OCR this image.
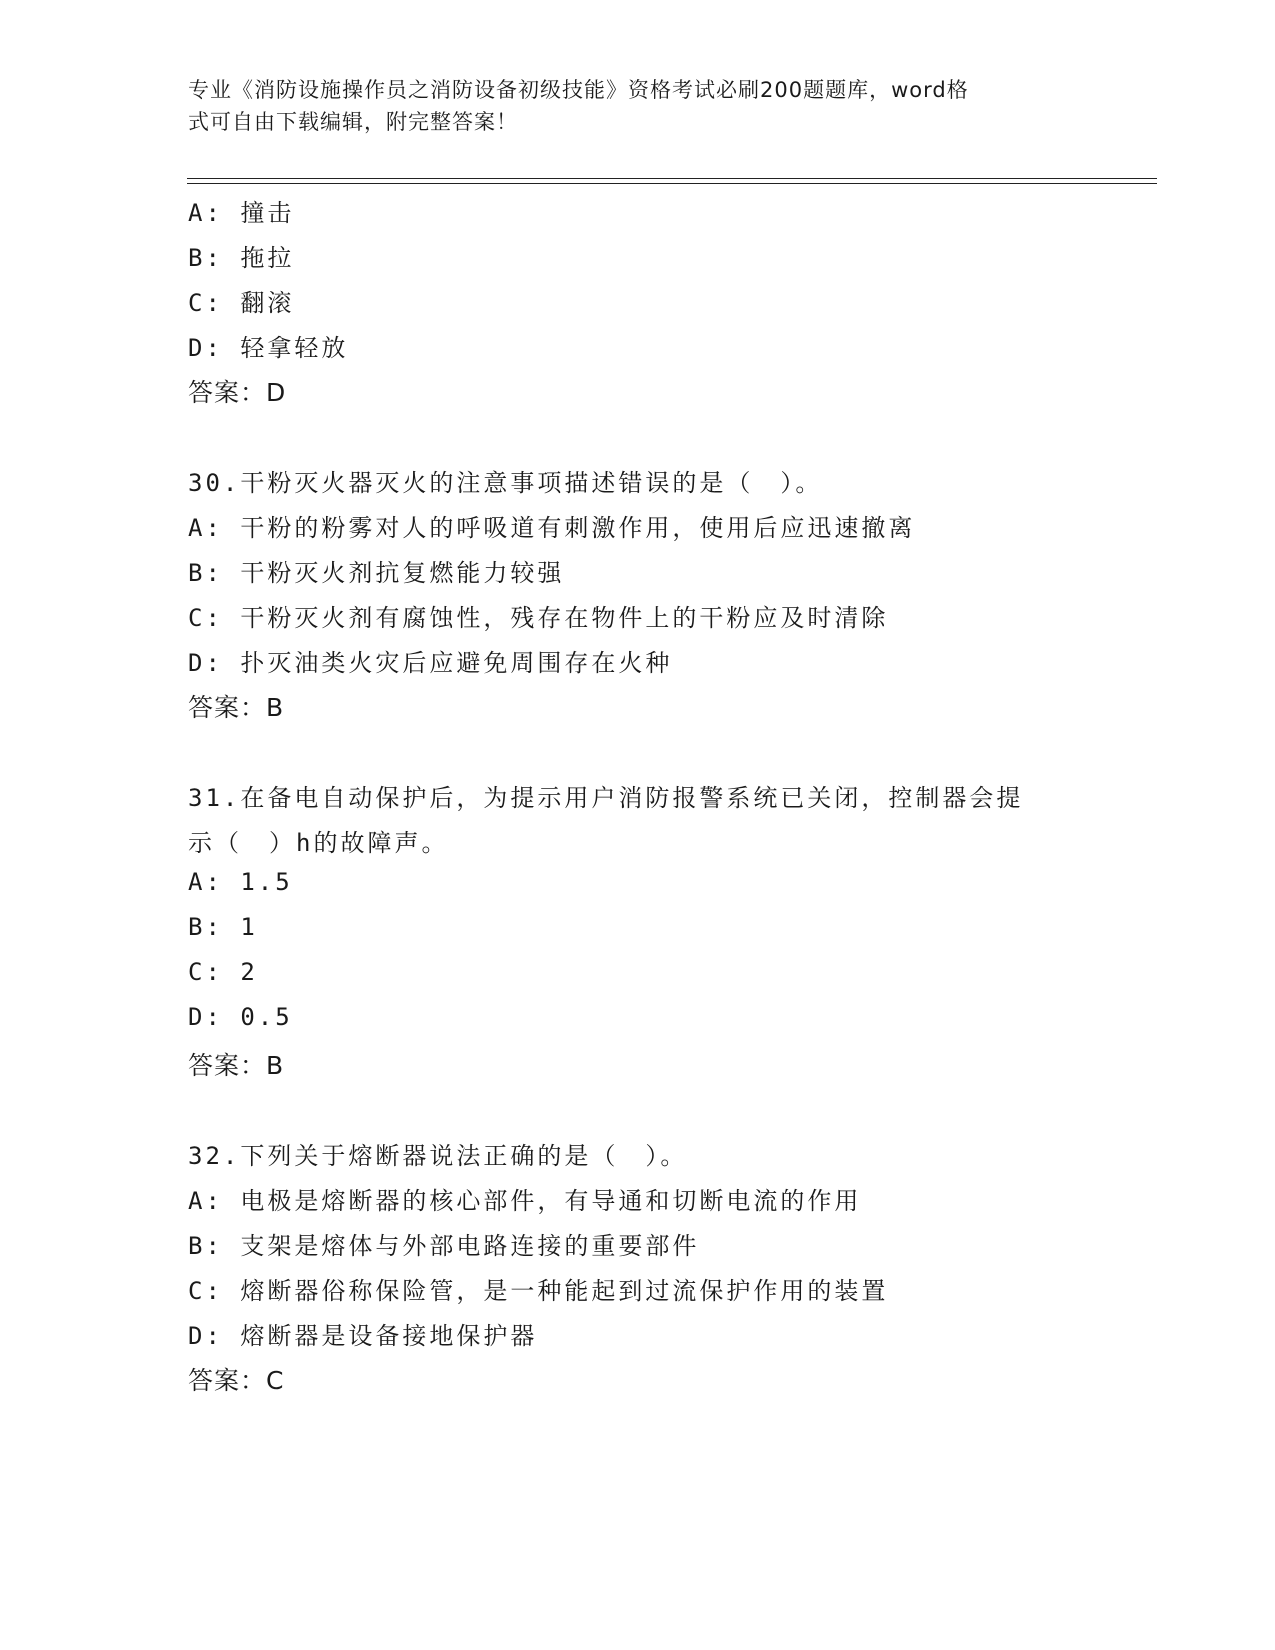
专业《消防设施操作员之消防设备初级技能》资格考试必刷200题题库，word格
式可自由下载编辑，附完整答案！
A: 撞击
B: 拖拉
C: 翻滚
D: 轻拿轻放
答案：D
30.干粉灭火器灭火的注意事项描述错误的是（　）。
A: 干粉的粉雾对人的呼吸道有刺激作用，使用后应迅速撤离
B: 干粉灭火剂抗复燃能力较强
C: 干粉灭火剂有腐蚀性，残存在物件上的干粉应及时清除
D: 扑灭油类火灾后应避免周围存在火种
答案：B
31.在备电自动保护后，为提示用户消防报警系统已关闭，控制器会提
示（　）h的故障声。
A: 1.5
B: 1
C: 2
D: 0.5
答案：B
32.下列关于熔断器说法正确的是（　）。
A: 电极是熔断器的核心部件，有导通和切断电流的作用
B: 支架是熔体与外部电路连接的重要部件
C: 熔断器俗称保险管，是一种能起到过流保护作用的装置
D: 熔断器是设备接地保护器
答案：C
